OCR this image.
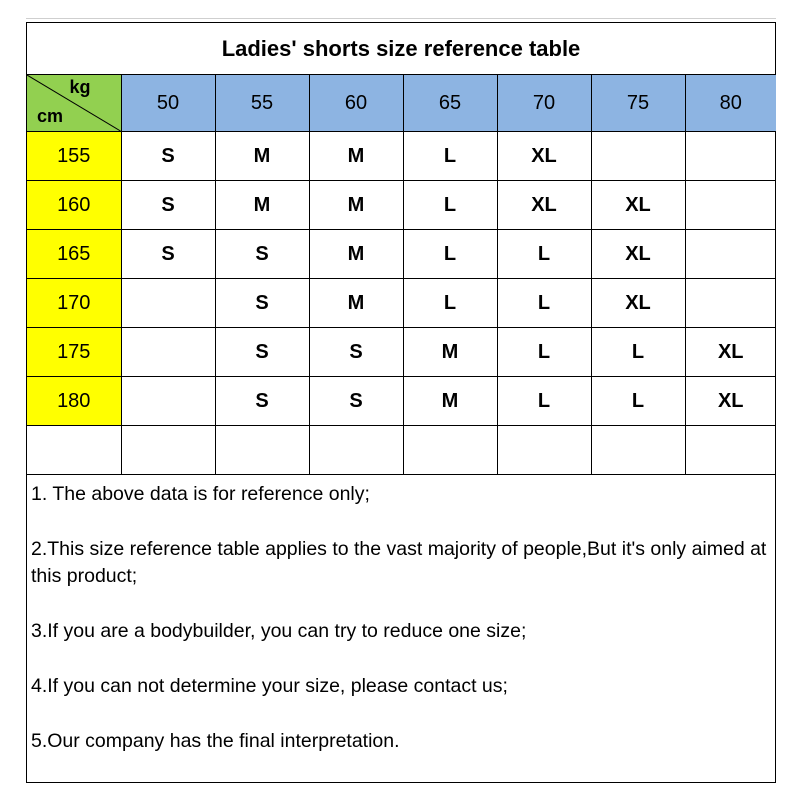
Ladies' shorts size reference table
kg
cm	50	55	60	65	70	75	80
155	S	M	M	L	XL		
160	S	M	M	L	XL	XL	
165	S	S	M	L	L	XL	
170		S	M	L	L	XL	
175		S	S	M	L	L	XL
180		S	S	M	L	L	XL

1. The above data is for reference only;

2.This size reference table applies to the vast majority of people,But it's only aimed at this product;

3.If you are a bodybuilder, you can try to reduce one size;

4.If you can not determine your size, please contact us;

5.Our company has the final interpretation.
